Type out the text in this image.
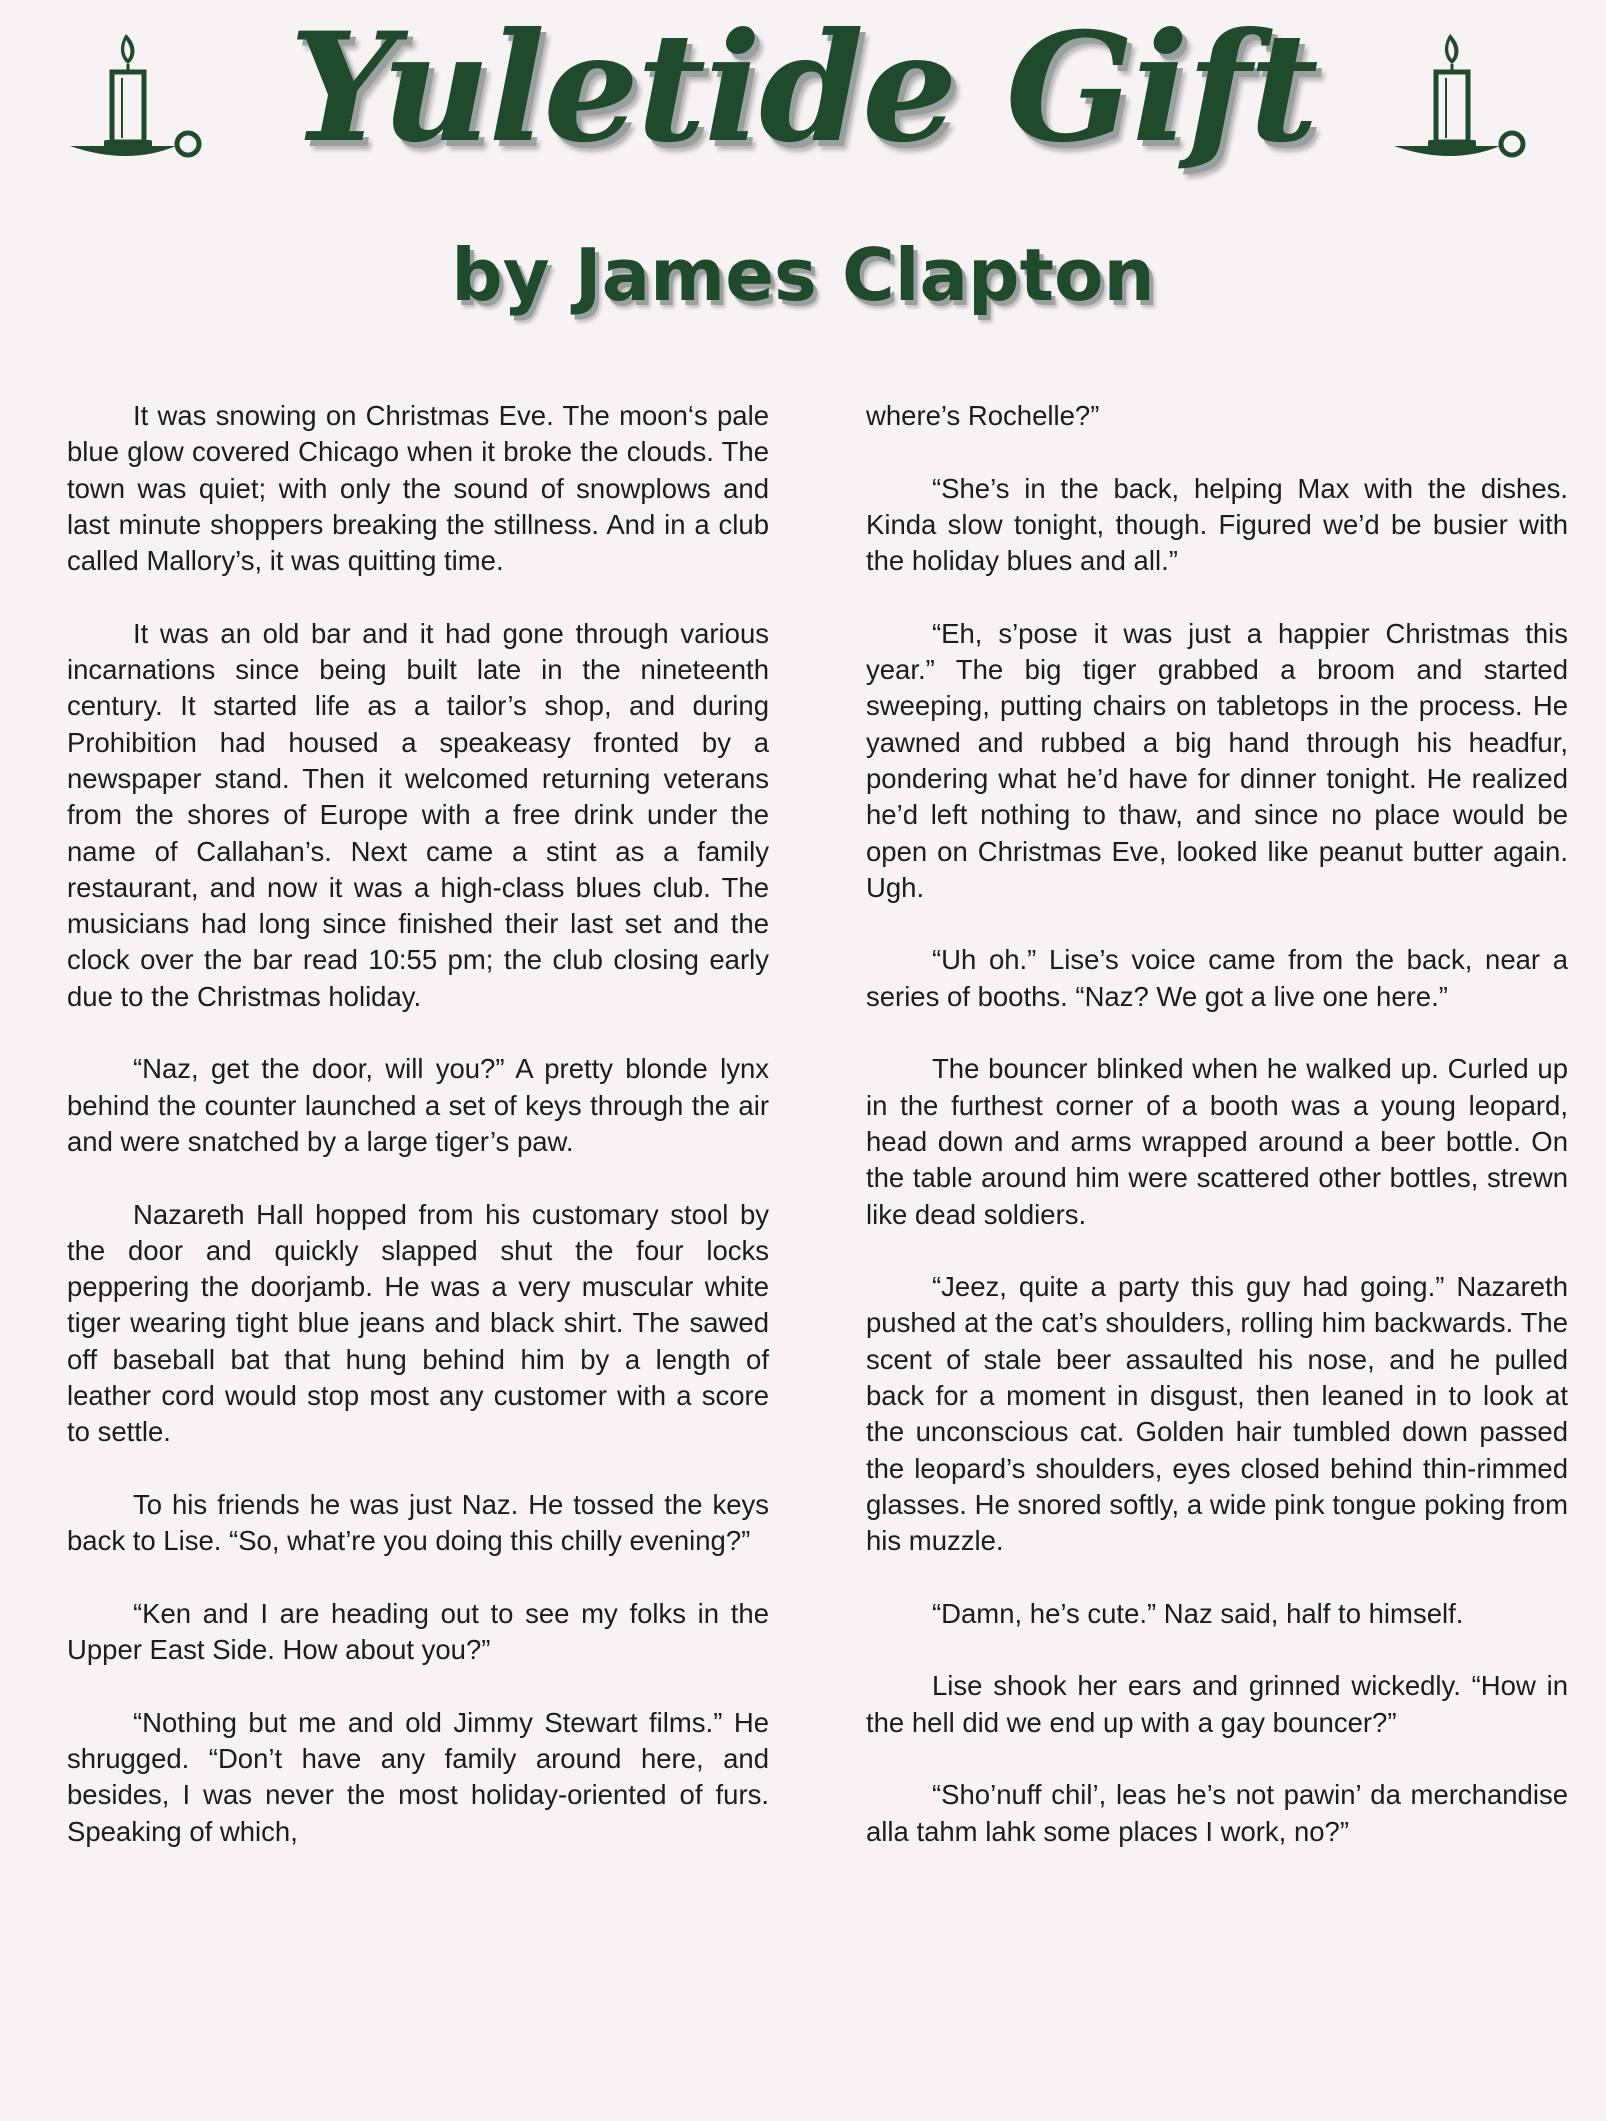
Yuletide Gift
by James Clapton

It was snowing on Christmas Eve. The moon‘s pale blue glow covered Chicago when it broke the clouds. The town was quiet; with only the sound of snowplows and last minute shoppers breaking the stillness. And in a club called Mallory’s, it was quitting time.

It was an old bar and it had gone through various incarnations since being built late in the nineteenth century. It started life as a tailor’s shop, and during Prohibition had housed a speakeasy fronted by a newspaper stand. Then it welcomed returning veterans from the shores of Europe with a free drink under the name of Callahan’s. Next came a stint as a family restaurant, and now it was a high-class blues club. The musicians had long since finished their last set and the clock over the bar read 10:55 pm; the club closing early due to the Christmas holiday.

“Naz, get the door, will you?” A pretty blonde lynx behind the counter launched a set of keys through the air and were snatched by a large tiger’s paw.

Nazareth Hall hopped from his customary stool by the door and quickly slapped shut the four locks peppering the doorjamb. He was a very muscular white tiger wearing tight blue jeans and black shirt. The sawed off baseball bat that hung behind him by a length of leather cord would stop most any customer with a score to settle.

To his friends he was just Naz. He tossed the keys back to Lise. “So, what’re you doing this chilly evening?”

“Ken and I are heading out to see my folks in the Upper East Side. How about you?”

“Nothing but me and old Jimmy Stewart films.” He shrugged. “Don’t have any family around here, and besides, I was never the most holiday-oriented of furs. Speaking of which,

where’s Rochelle?”

“She’s in the back, helping Max with the dishes. Kinda slow tonight, though. Figured we’d be busier with the holiday blues and all.”

“Eh, s’pose it was just a happier Christmas this year.” The big tiger grabbed a broom and started sweeping, putting chairs on tabletops in the process. He yawned and rubbed a big hand through his headfur, pondering what he’d have for dinner tonight. He realized he’d left nothing to thaw, and since no place would be open on Christmas Eve, looked like peanut butter again. Ugh.

“Uh oh.” Lise’s voice came from the back, near a series of booths. “Naz? We got a live one here.”

The bouncer blinked when he walked up. Curled up in the furthest corner of a booth was a young leopard, head down and arms wrapped around a beer bottle. On the table around him were scattered other bottles, strewn like dead soldiers.

“Jeez, quite a party this guy had going.” Nazareth pushed at the cat’s shoulders, rolling him backwards. The scent of stale beer assaulted his nose, and he pulled back for a moment in disgust, then leaned in to look at the unconscious cat. Golden hair tumbled down passed the leopard’s shoulders, eyes closed behind thin-rimmed glasses. He snored softly, a wide pink tongue poking from his muzzle.

“Damn, he’s cute.” Naz said, half to himself.

Lise shook her ears and grinned wickedly. “How in the hell did we end up with a gay bouncer?”

“Sho’nuff chil’, leas he’s not pawin’ da merchandise alla tahm lahk some places I work, no?”
